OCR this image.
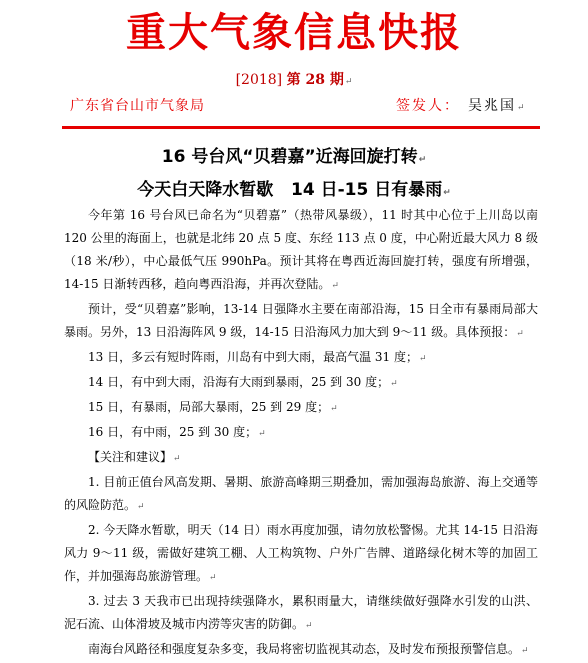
重大气象信息快报
[2018] 第 28 期↵
广东省台山市气象局	签发人： 吴兆国↵
16 号台风“贝碧嘉”近海回旋打转↵
今天白天降水暂歇   14 日-15 日有暴雨↵

今年第 16 号台风已命名为“贝碧嘉”（热带风暴级），11 时其中心位于上川岛以南 120 公里的海面上，也就是北纬 20 点 5 度、东经 113 点 0 度，中心附近最大风力 8 级（18 米/秒），中心最低气压 990hPa。预计其将在粤西近海回旋打转，强度有所增强，14-15 日渐转西移，趋向粤西沿海，并再次登陆。↵

预计，受“贝碧嘉”影响，13-14 日强降水主要在南部沿海，15 日全市有暴雨局部大暴雨。另外，13 日沿海阵风 9 级，14-15 日沿海风力加大到 9～11 级。具体预报：↵

13 日，多云有短时阵雨，川岛有中到大雨，最高气温 31 度；↵

14 日，有中到大雨，沿海有大雨到暴雨，25 到 30 度；↵

15 日，有暴雨，局部大暴雨，25 到 29 度；↵

16 日，有中雨，25 到 30 度；↵

【关注和建议】↵

1. 目前正值台风高发期、暑期、旅游高峰期三期叠加，需加强海岛旅游、海上交通等的风险防范。↵

2. 今天降水暂歇，明天（14 日）雨水再度加强，请勿放松警惕。尤其 14-15 日沿海风力 9～11 级，需做好建筑工棚、人工构筑物、户外广告牌、道路绿化树木等的加固工作，并加强海岛旅游管理。↵

3. 过去 3 天我市已出现持续强降水，累积雨量大，请继续做好强降水引发的山洪、泥石流、山体滑坡及城市内涝等灾害的防御。↵

南海台风路径和强度复杂多变，我局将密切监视其动态，及时发布预报预警信息。↵
